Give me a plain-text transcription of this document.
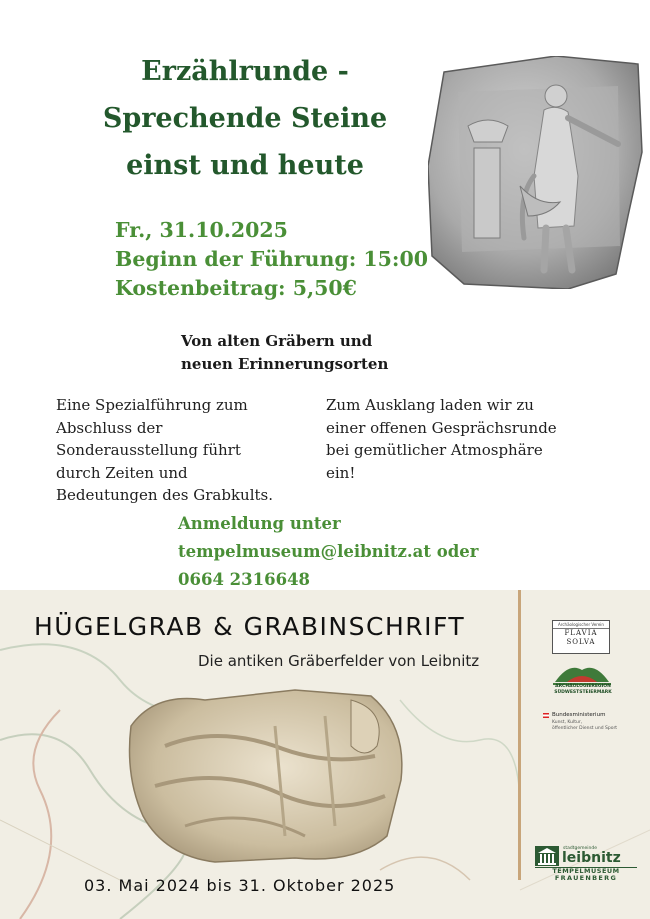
Erzählrunde -
Sprechende Steine
einst und heute
Fr., 31.10.2025
Beginn der Führung: 15:00
Kostenbeitrag: 5,50€
Von alten Gräbern und
neuen Erinnerungsorten
Eine Spezialführung zum
Abschluss der
Sonderausstellung führt
durch Zeiten und
Bedeutungen des Grabkults.
Zum Ausklang laden wir zu
einer offenen Gesprächsrunde
bei gemütlicher Atmosphäre
ein!
Anmeldung unter
tempelmuseum@leibnitz.at oder
0664 2316648
HÜGELGRAB & GRABINSCHRIFT
Die antiken Gräberfelder von Leibnitz
03. Mai 2024 bis 31. Oktober 2025
Archäologischer Verein
FLAVIA SOLVA
ARCHÄOLOGIEREGION
SÜDWESTSTEIERMARK
Bundesministerium
Kunst, Kultur,
öffentlicher Dienst und Sport
stadtgemeinde
leibnitz
TEMPELMUSEUM
FRAUENBERG
